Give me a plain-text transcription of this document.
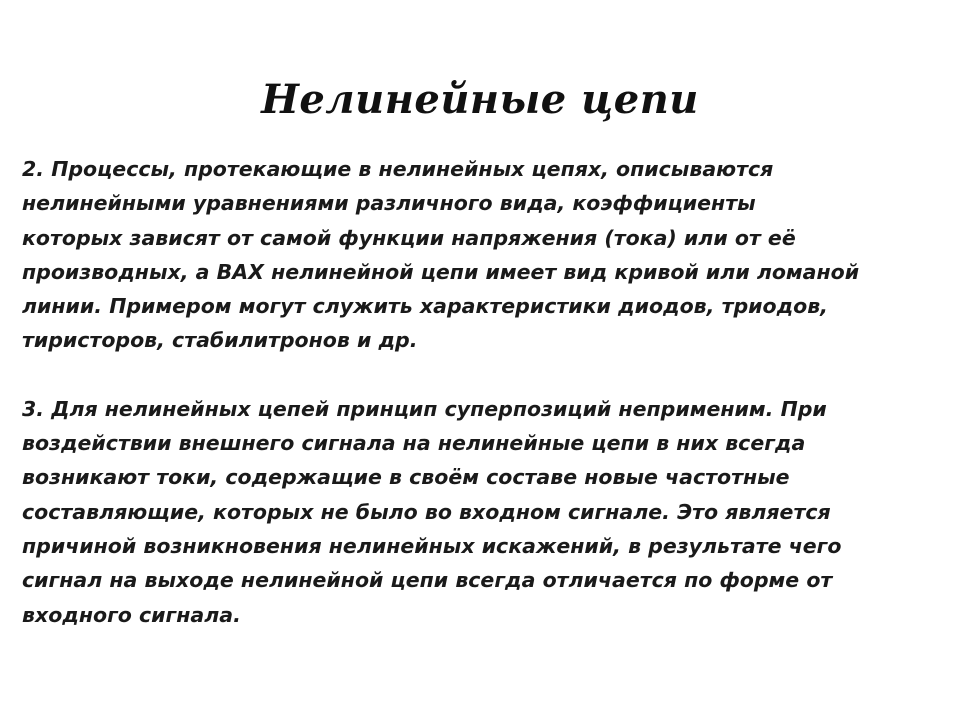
Нелинейные цепи

2. Процессы, протекающие в нелинейных цепях, описываются
нелинейными уравнениями различного вида, коэффициенты
которых зависят от самой функции напряжения (тока) или от её
производных, а ВАХ нелинейной цепи имеет вид кривой или ломаной
линии. Примером могут служить характеристики диодов, триодов,
тиристоров, стабилитронов и др.

3. Для нелинейных цепей принцип суперпозиций неприменим. При
воздействии внешнего сигнала на нелинейные цепи в них всегда
возникают токи, содержащие в своём составе новые частотные
составляющие, которых не было во входном сигнале. Это является
причиной возникновения нелинейных искажений, в результате чего
сигнал на выходе нелинейной цепи всегда отличается по форме от
входного сигнала.
